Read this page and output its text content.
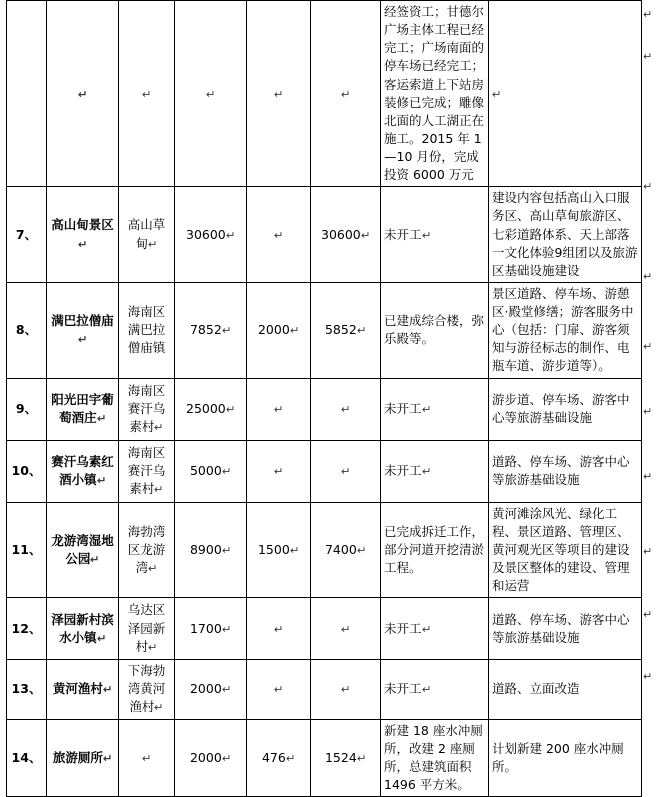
	↵	↵	↵	↵	↵	经签资工；甘德尔广场主体工程已经完工；广场南面的停车场已经完工；客运索道上下站房装修已完成；雕像北面的人工湖正在施工。2015 年 1—10 月份，完成投资 6000 万元	↵
7、	高山甸景区↵	高山草甸↵	30600↵	↵	30600↵	未开工↵	建设内容包括高山入口服务区、高山草甸旅游区、七彩道路体系、天上部落一文化体验9组团以及旅游区基础设施建设
8、	满巴拉僧庙↵	海南区满巴拉僧庙镇	7852↵	2000↵	5852↵	已建成综合楼，弥乐殿等。	景区道路、停车场、游憩区·殿堂修缮；游客服务中心（包括：门扉、游客须知与游径标志的制作、电瓶车道、游步道等）。
9、	阳光田宇葡萄酒庄↵	海南区赛汗乌素村↵	25000↵	↵	↵	未开工↵	游步道、停车场、游客中心等旅游基础设施
10、	赛汗乌素红酒小镇↵	海南区赛汗乌素村↵	5000↵	↵	↵	未开工↵	道路、停车场、游客中心等旅游基础设施
11、	龙游湾湿地公园↵	海勃湾区龙游湾↵	8900↵	1500↵	7400↵	已完成拆迁工作，部分河道开挖清淤工程。	黄河滩涂风光、绿化工程、景区道路、管理区、黄河观光区等项目的建设及景区整体的建设、管理和运营
12、	泽园新村滨水小镇↵	乌达区泽园新村↵	1700↵	↵	↵	未开工↵	道路、停车场、游客中心等旅游基础设施
13、	黄河渔村↵	下海勃湾黄河渔村↵	2000↵	↵	↵	未开工↵	道路、立面改造
14、	旅游厕所↵	↵	2000↵	476↵	1524↵	新建 18 座水冲厕所，改建 2 座厕所，总建筑面积 1496 平方米。	计划新建 200 座水冲厕所。
↵
↵
↵
↵
↵
↵
↵
↵
↵
↵
